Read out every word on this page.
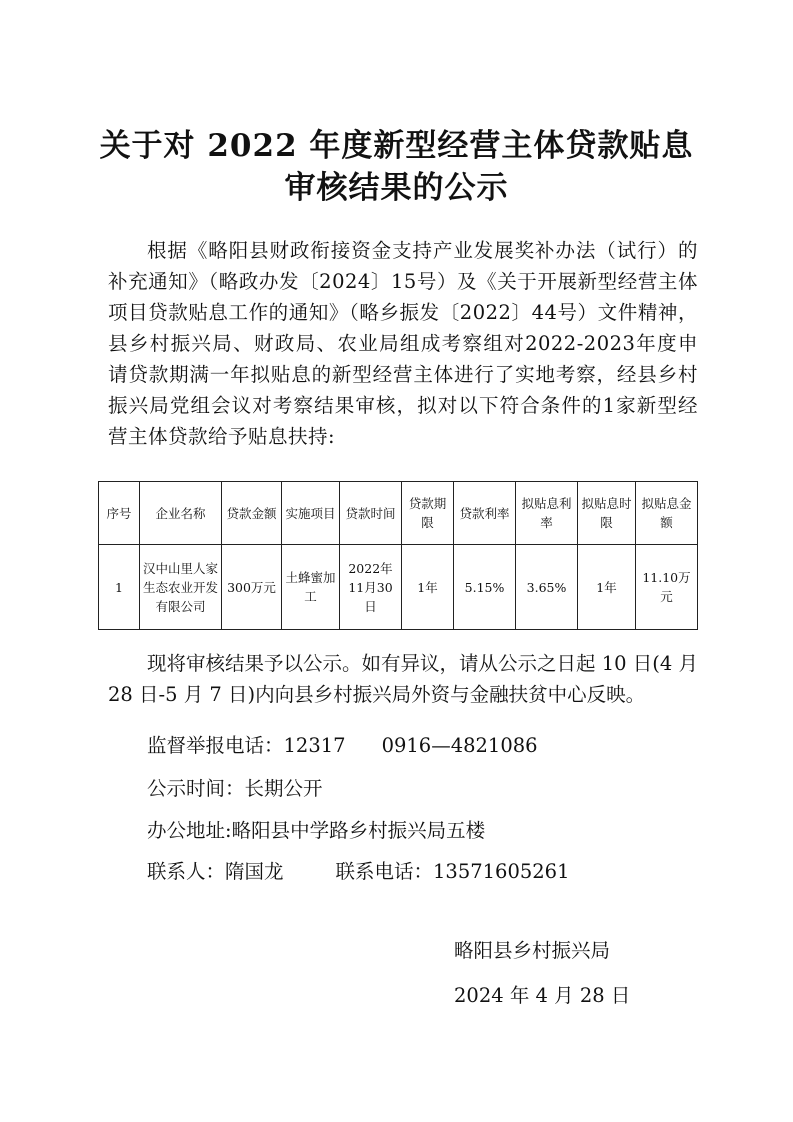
关于对 2022 年度新型经营主体贷款贴息
审核结果的公示
根据《略阳县财政衔接资金支持产业发展奖补办法（试行）的补充通知》（略政办发〔2024〕15号）及《关于开展新型经营主体项目贷款贴息工作的通知》（略乡振发〔2022〕44号）文件精神，县乡村振兴局、财政局、农业局组成考察组对2022-2023年度申请贷款期满一年拟贴息的新型经营主体进行了实地考察，经县乡村振兴局党组会议对考察结果审核，拟对以下符合条件的1家新型经营主体贷款给予贴息扶持:
序号	企业名称	贷款金额	实施项目	贷款时间	贷款期限	贷款利率	拟贴息利率	拟贴息时限	拟贴息金额
1	汉中山里人家生态农业开发有限公司	300万元	土蜂蜜加工	2022年11月30日	1年	5.15%	3.65%	1年	11.10万元
现将审核结果予以公示。如有异议，请从公示之日起 10 日(4 月 28 日-5 月 7 日)内向县乡村振兴局外资与金融扶贫中心反映。
监督举报电话：12317 0916—4821086
公示时间：长期公开
办公地址:略阳县中学路乡村振兴局五楼
联系人：隋国龙	联系电话：13571605261
略阳县乡村振兴局
2024 年 4 月 28 日
